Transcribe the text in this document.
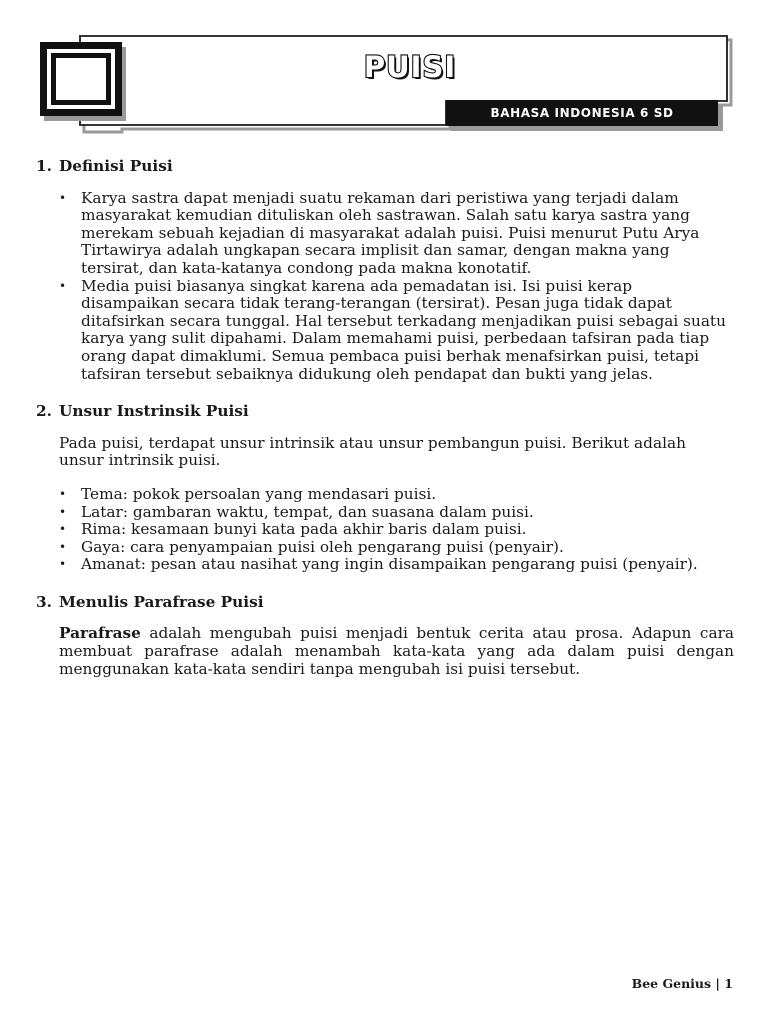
PUISI
BAHASA INDONESIA 6 SD
1. Definisi Puisi
• Karya sastra dapat menjadi suatu rekaman dari peristiwa yang terjadi dalam masyarakat kemudian dituliskan oleh sastrawan. Salah satu karya sastra yang merekam sebuah kejadian di masyarakat adalah puisi. Puisi menurut Putu Arya Tirtawirya adalah ungkapan secara implisit dan samar, dengan makna yang tersirat, dan kata-katanya condong pada makna konotatif.
• Media puisi biasanya singkat karena ada pemadatan isi. Isi puisi kerap disampaikan secara tidak terang-terangan (tersirat). Pesan juga tidak dapat ditafsirkan secara tunggal. Hal tersebut terkadang menjadikan puisi sebagai suatu karya yang sulit dipahami. Dalam memahami puisi, perbedaan tafsiran pada tiap orang dapat dimaklumi. Semua pembaca puisi berhak menafsirkan puisi, tetapi tafsiran tersebut sebaiknya didukung oleh pendapat dan bukti yang jelas.
2. Unsur Instrinsik Puisi

Pada puisi, terdapat unsur intrinsik atau unsur pembangun puisi. Berikut adalah unsur intrinsik puisi.

• Tema: pokok persoalan yang mendasari puisi.
• Latar: gambaran waktu, tempat, dan suasana dalam puisi.
• Rima: kesamaan bunyi kata pada akhir baris dalam puisi.
• Gaya: cara penyampaian puisi oleh pengarang puisi (penyair).
• Amanat: pesan atau nasihat yang ingin disampaikan pengarang puisi (penyair).
3. Menulis Parafrase Puisi

Parafrase adalah mengubah puisi menjadi bentuk cerita atau prosa. Adapun cara membuat parafrase adalah menambah kata-kata yang ada dalam puisi dengan menggunakan kata-kata sendiri tanpa mengubah isi puisi tersebut.

Bee Genius | 1
